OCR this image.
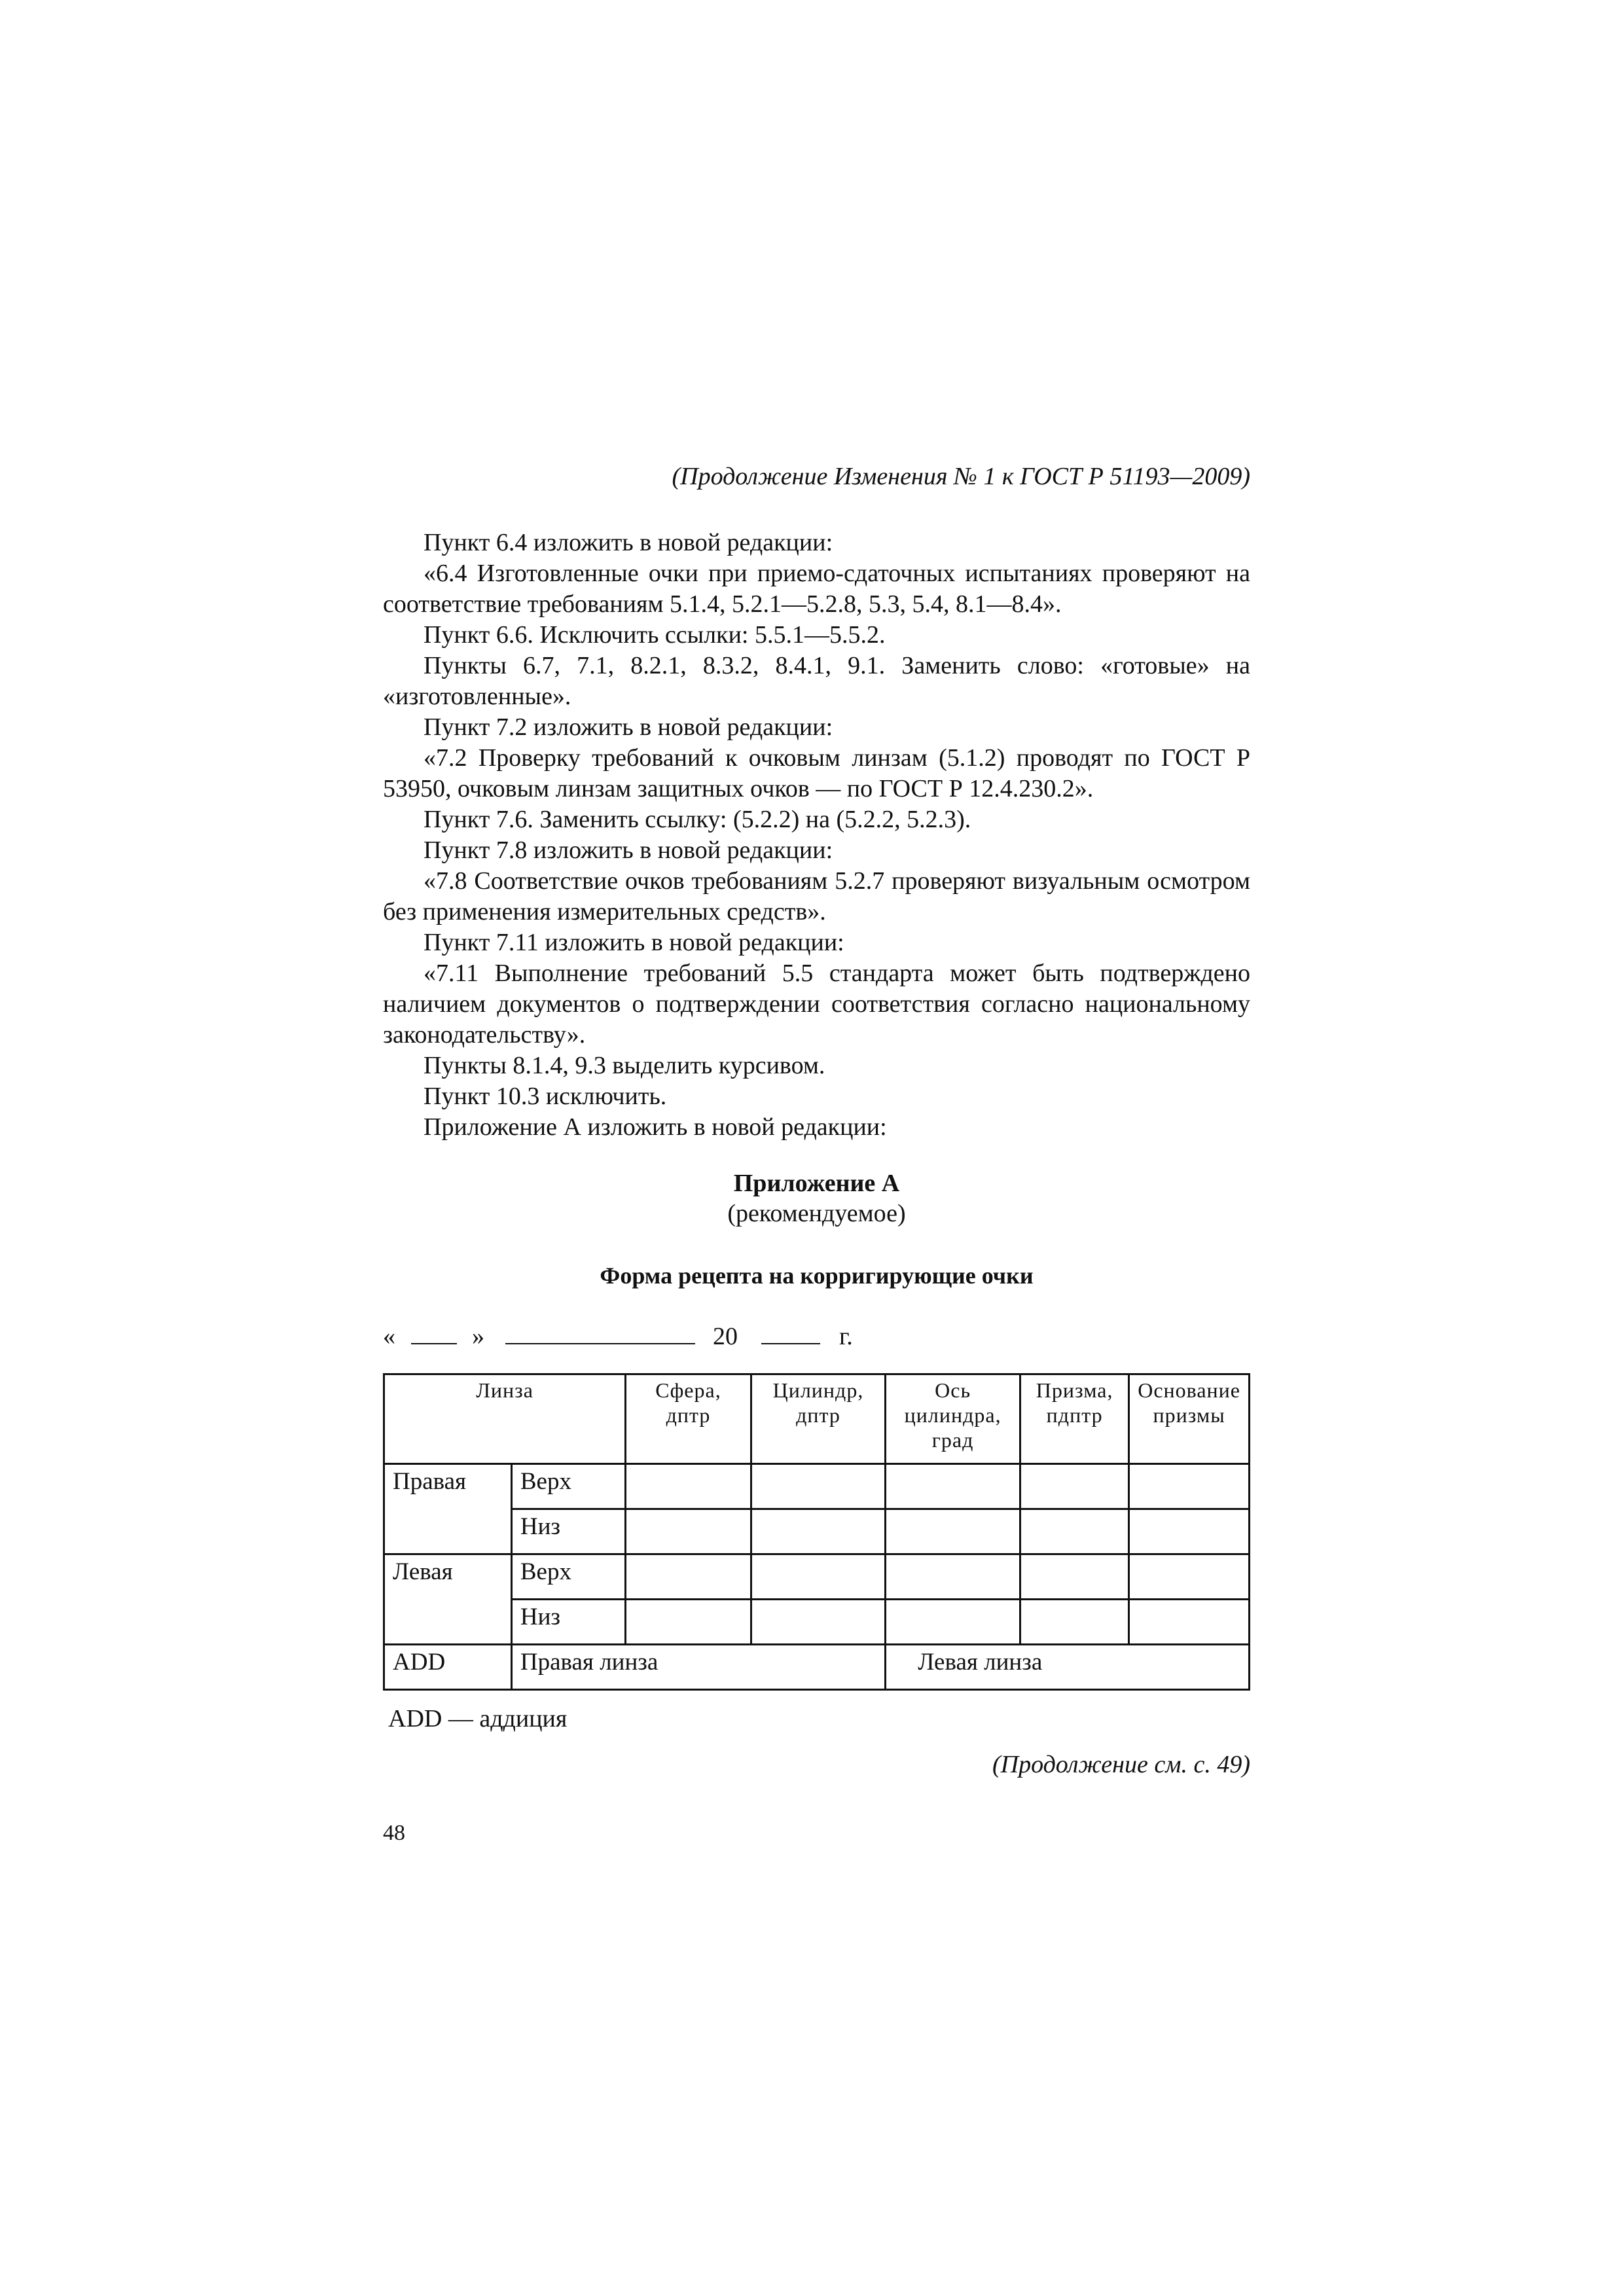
(Продолжение Изменения № 1 к ГОСТ Р 51193—2009)

Пункт 6.4 изложить в новой редакции:

«6.4 Изготовленные очки при приемо-сдаточных испытаниях проверяют на соответствие требованиям 5.1.4, 5.2.1—5.2.8, 5.3, 5.4, 8.1—8.4».

Пункт 6.6. Исключить ссылки: 5.5.1—5.5.2.

Пункты 6.7, 7.1, 8.2.1, 8.3.2, 8.4.1, 9.1. Заменить слово: «готовые» на «изготовленные».

Пункт 7.2 изложить в новой редакции:

«7.2 Проверку требований к очковым линзам (5.1.2) проводят по ГОСТ Р 53950, очковым линзам защитных очков — по ГОСТ Р 12.4.230.2».

Пункт 7.6. Заменить ссылку: (5.2.2) на (5.2.2, 5.2.3).

Пункт 7.8 изложить в новой редакции:

«7.8 Соответствие очков требованиям 5.2.7 проверяют визуальным осмотром без применения измерительных средств».

Пункт 7.11 изложить в новой редакции:

«7.11 Выполнение требований 5.5 стандарта может быть подтверждено наличием документов о подтверждении соответствия согласно национальному законодательству».

Пункты 8.1.4, 9.3 выделить курсивом.

Пункт 10.3 исключить.

Приложение А изложить в новой редакции:

Приложение А
(рекомендуемое)
Форма рецепта на корригирующие очки
«	»	20	г.
Линза		Сфера, дптр	Цилиндр, дптр	Ось цилиндра, град	Призма, пдптр	Основание призмы
Правая	Верх					
	Низ					
Левая	Верх					
	Низ					
ADD	Правая линза			Левая линза		
ADD — аддиция
(Продолжение см. с. 49)
48
